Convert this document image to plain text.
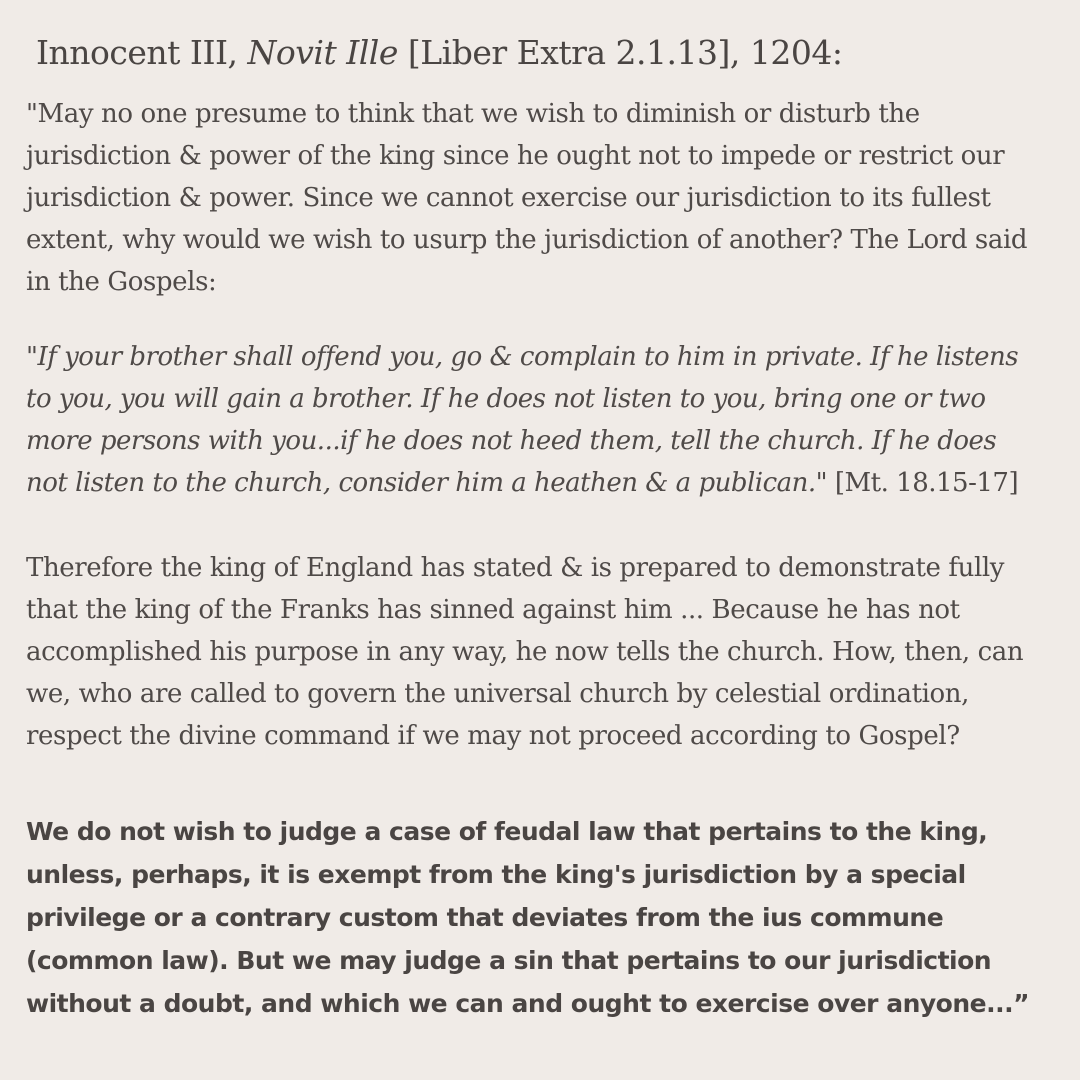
Innocent III, Novit Ille [Liber Extra 2.1.13], 1204:

"May no one presume to think that we wish to diminish or disturb the
jurisdiction & power of the king since he ought not to impede or restrict our
jurisdiction & power. Since we cannot exercise our jurisdiction to its fullest
extent, why would we wish to usurp the jurisdiction of another? The Lord said
in the Gospels:

"If your brother shall offend you, go & complain to him in private. If he listens
to you, you will gain a brother. If he does not listen to you, bring one or two
more persons with you...if he does not heed them, tell the church. If he does
not listen to the church, consider him a heathen & a publican." [Mt. 18.15-17]

Therefore the king of England has stated & is prepared to demonstrate fully
that the king of the Franks has sinned against him ... Because he has not
accomplished his purpose in any way, he now tells the church. How, then, can
we, who are called to govern the universal church by celestial ordination,
respect the divine command if we may not proceed according to Gospel?

We do not wish to judge a case of feudal law that pertains to the king,
unless, perhaps, it is exempt from the king's jurisdiction by a special
privilege or a contrary custom that deviates from the ius commune
(common law). But we may judge a sin that pertains to our jurisdiction
without a doubt, and which we can and ought to exercise over anyone...”
